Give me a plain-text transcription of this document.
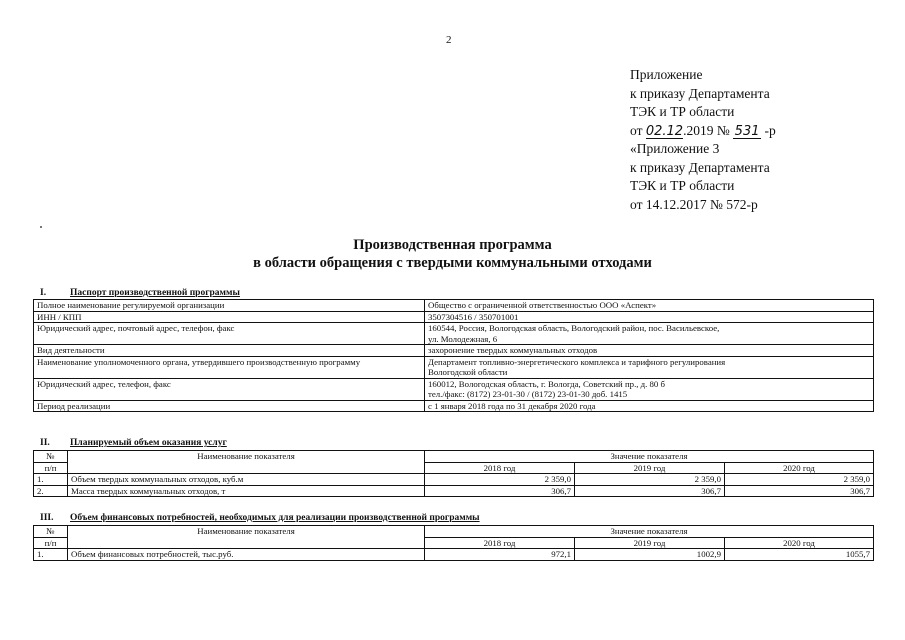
2
Приложение
к приказу Департамента
ТЭК и ТР области
от 02.12.2019 № 531 -р
«Приложение 3
к приказу Департамента
ТЭК и ТР области
от 14.12.2017 № 572-р
Производственная программа
в области обращения с твердыми коммунальными отходами
I.	Паспорт производственной программы
Полное наименование регулируемой организации	Общество с ограниченной ответственностью ООО «Аспект»
ИНН / КПП	3507304516 / 350701001
Юридический адрес, почтовый адрес, телефон, факс	160544, Россия, Вологодская область, Вологодский район, пос. Васильевское,
ул. Молодежная, 6

Вид деятельности	захоронение твердых коммунальных отходов
Наименование уполномоченного органа, утвердившего производственную программу	Департамент топливно-энергетического комплекса и тарифного регулирования
Вологодской области

Юридический адрес, телефон, факс	160012, Вологодская область, г. Вологда, Советский пр., д. 80 б
тел./факс: (8172) 23-01-30 / (8172) 23-01-30 доб. 1415

Период реализации	с 1 января 2018 года по 31 декабря 2020 года
II. Планируемый объем оказания услуг
№	Наименование показателя	Значение показателя		
п/п		2018 год	2019 год	2020 год
1.	Объем твердых коммунальных отходов, куб.м	2 359,0	2 359,0	2 359,0
2.	Масса твердых коммунальных отходов, т	306,7	306,7	306,7
III. Объем финансовых потребностей, необходимых для реализации производственной программы
№	Наименование показателя	Значение показателя		
п/п		2018 год	2019 год	2020 год
1.	Объем финансовых потребностей, тыс.руб.	972,1	1002,9	1055,7
